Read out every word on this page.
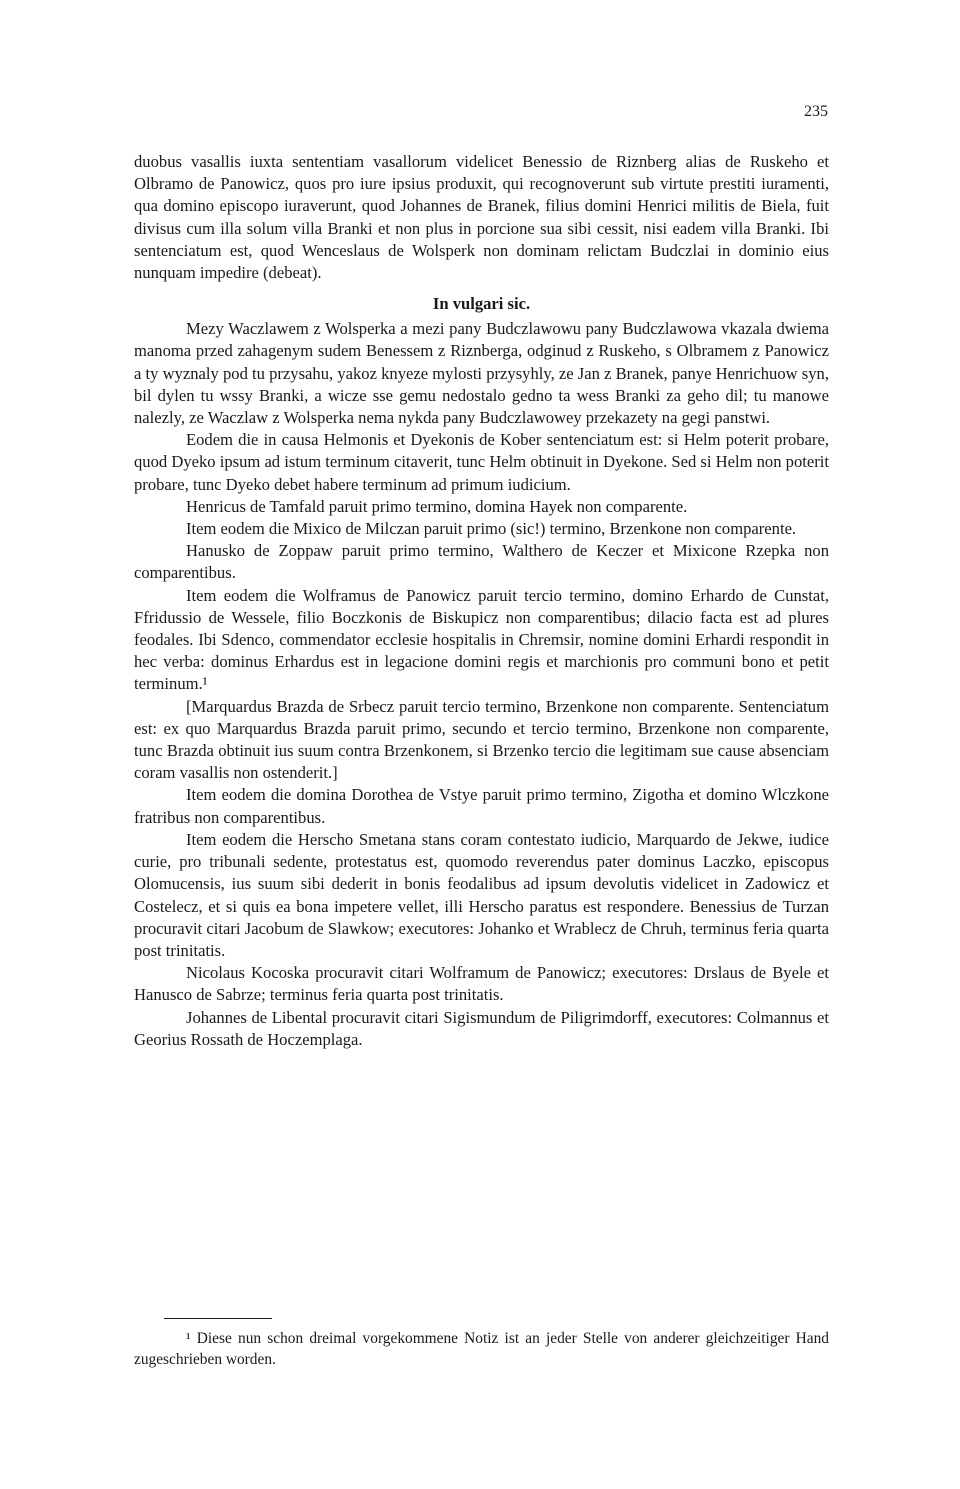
235

duobus vasallis iuxta sententiam vasallorum videlicet Benessio de Riznberg alias de Ruskeho et Olbramo de Panowicz, quos pro iure ipsius produxit, qui recognoverunt sub virtute prestiti iuramenti, qua domino episcopo iuraverunt, quod Johannes de Branek, filius domini Henrici militis de Biela, fuit divisus cum illa solum villa Branki et non plus in porcione sua sibi cessit, nisi eadem villa Branki. Ibi sentenciatum est, quod Wenceslaus de Wolsperk non dominam relictam Budczlai in dominio eius nunquam impedire (debeat).

In vulgari sic.

Mezy Waczlawem z Wolsperka a mezi pany Budczlawowu pany Budczlawowa vkazala dwiema manoma przed zahagenym sudem Benessem z Riznberga, odginud z Ruskeho, s Olbramem z Panowicz a ty wyznaly pod tu przysahu, yakoz knyeze mylosti przysyhly, ze Jan z Branek, panye Henrichuow syn, bil dylen tu wssy Branki, a wicze sse gemu nedostalo gedno ta wess Branki za geho dil; tu manowe nalezly, ze Waczlaw z Wolsperka nema nykda pany Budczlawowey przekazety na gegi panstwi.

Eodem die in causa Helmonis et Dyekonis de Kober sentenciatum est: si Helm poterit probare, quod Dyeko ipsum ad istum terminum citaverit, tunc Helm obtinuit in Dyekone. Sed si Helm non poterit probare, tunc Dyeko debet habere terminum ad primum iudicium.

Henricus de Tamfald paruit primo termino, domina Hayek non comparente.

Item eodem die Mixico de Milczan paruit primo (sic!) termino, Brzenkone non comparente.

Hanusko de Zoppaw paruit primo termino, Walthero de Keczer et Mixicone Rzepka non comparentibus.

Item eodem die Wolframus de Panowicz paruit tercio termino, domino Erhardo de Cunstat, Ffridussio de Wessele, filio Boczkonis de Biskupicz non comparentibus; dilacio facta est ad plures feodales. Ibi Sdenco, commendator ecclesie hospitalis in Chremsir, nomine domini Erhardi respondit in hec verba: dominus Erhardus est in legacione domini regis et marchionis pro communi bono et petit terminum.¹

[Marquardus Brazda de Srbecz paruit tercio termino, Brzenkone non comparente. Sentenciatum est: ex quo Marquardus Brazda paruit primo, secundo et tercio termino, Brzenkone non comparente, tunc Brazda obtinuit ius suum contra Brzenkonem, si Brzenko tercio die legitimam sue cause absenciam coram vasallis non ostenderit.]

Item eodem die domina Dorothea de Vstye paruit primo termino, Zigotha et domino Wlczkone fratribus non comparentibus.

Item eodem die Herscho Smetana stans coram contestato iudicio, Marquardo de Jekwe, iudice curie, pro tribunali sedente, protestatus est, quomodo reverendus pater dominus Laczko, episcopus Olomucensis, ius suum sibi dederit in bonis feodalibus ad ipsum devolutis videlicet in Zadowicz et Costelecz, et si quis ea bona impetere vellet, illi Herscho paratus est respondere. Benessius de Turzan procuravit citari Jacobum de Slawkow; executores: Johanko et Wrablecz de Chruh, terminus feria quarta post trinitatis.

Nicolaus Kocoska procuravit citari Wolframum de Panowicz; executores: Drslaus de Byele et Hanusco de Sabrze; terminus feria quarta post trinitatis.

Johannes de Libental procuravit citari Sigismundum de Piligrimdorff, executores: Colmannus et Georius Rossath de Hoczemplaga.

¹ Diese nun schon dreimal vorgekommene Notiz ist an jeder Stelle von anderer gleichzeitiger Hand zugeschrieben worden.
